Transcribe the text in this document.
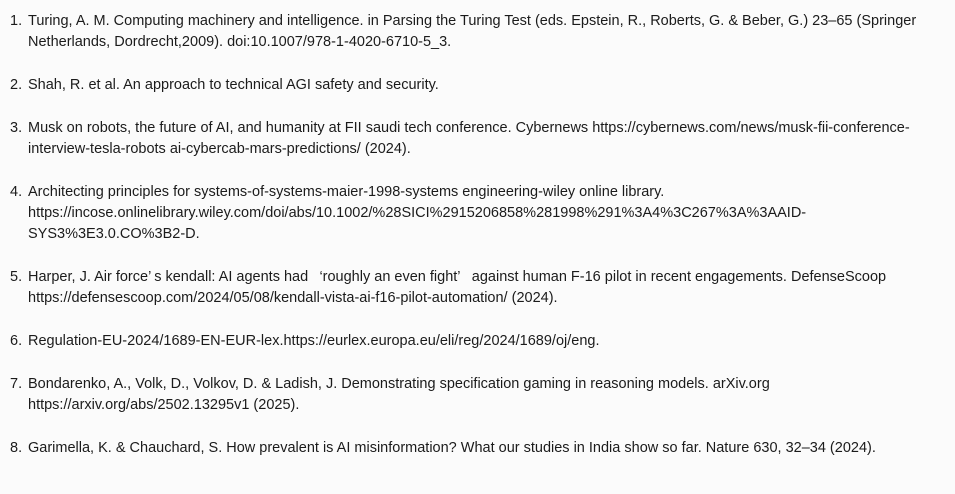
1. Turing, A. M. Computing machinery and intelligence. in Parsing the Turing Test (eds. Epstein, R., Roberts, G. & Beber, G.) 23–65 (Springer Netherlands, Dordrecht,2009). doi:10.1007/978-1-4020-6710-5_3.
2. Shah, R. et al. An approach to technical AGI safety and security.
3. Musk on robots, the future of AI, and humanity at FII saudi tech conference. Cybernews https://cybernews.com/news/musk-fii-conference-interview-tesla-robots ai-cybercab-mars-predictions/ (2024).
4. Architecting principles for systems-of-systems-maier-1998-systems engineering-wiley online library. https://incose.onlinelibrary.wiley.com/doi/abs/10.1002/%28SICI%2915206858%281998%291%3A4%3C267%3A%3AAID-SYS3%3E3.0.CO%3B2-D.
5. Harper, J. Air force’ s kendall: AI agents had  ‘roughly an even fight’  against human F-16 pilot in recent engagements. DefenseScoop https://defensescoop.com/2024/05/08/kendall-vista-ai-f16-pilot-automation/ (2024).
6. Regulation-EU-2024/1689-EN-EUR-lex.https://eurlex.europa.eu/eli/reg/2024/1689/oj/eng.
7. Bondarenko, A., Volk, D., Volkov, D. & Ladish, J. Demonstrating specification gaming in reasoning models. arXiv.org https://arxiv.org/abs/2502.13295v1 (2025).
8. Garimella, K. & Chauchard, S. How prevalent is AI misinformation? What our studies in India show so far. Nature 630, 32–34 (2024).
